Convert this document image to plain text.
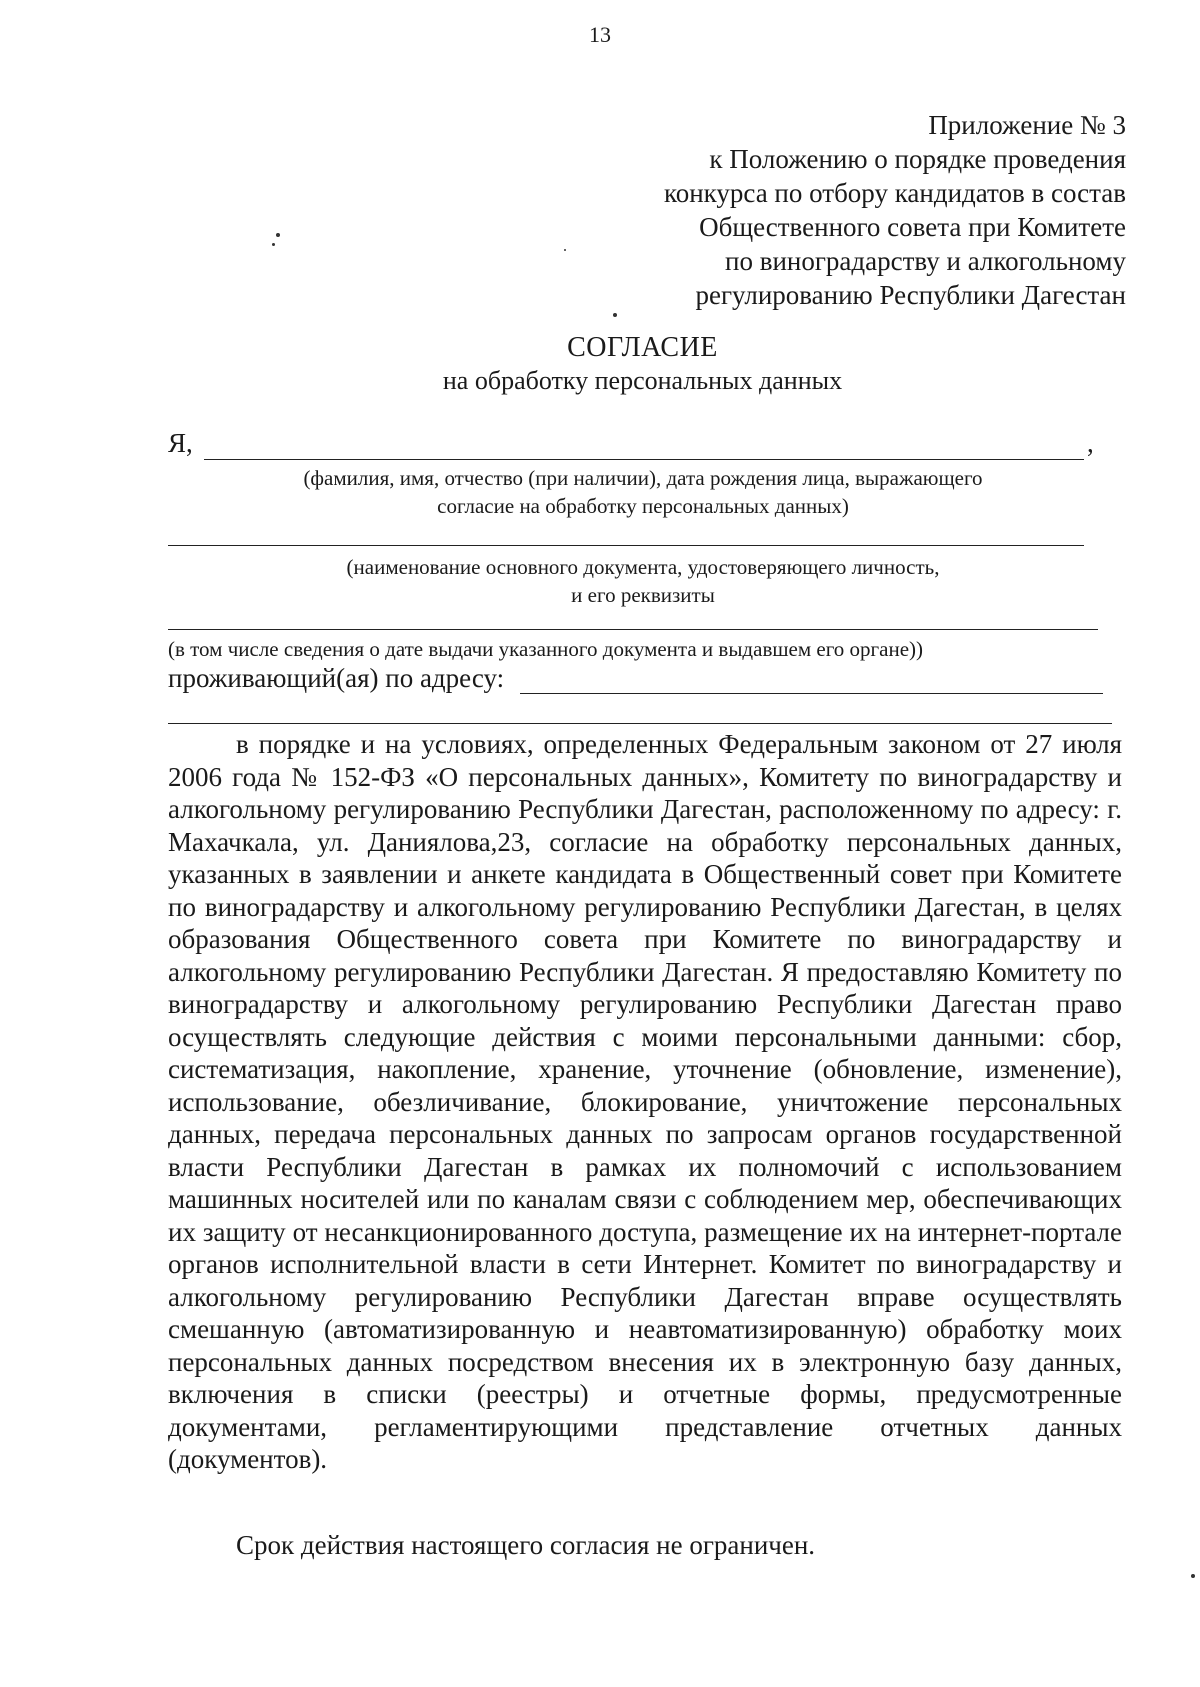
13
Приложение № 3
к Положению о порядке проведения
конкурса по отбору кандидатов в состав
Общественного совета при Комитете
по виноградарству и алкогольному
регулированию Республики Дагестан
СОГЛАСИЕ
на обработку персональных данных
Я,	,
(фамилия, имя, отчество (при наличии), дата рождения лица, выражающего
согласие на обработку персональных данных)
(наименование основного документа, удостоверяющего личность,
и его реквизиты
(в том числе сведения о дате выдачи указанного документа и выдавшем его органе))
проживающий(ая) по адресу:

в порядке и на условиях, определенных Федеральным законом от 27 июля 2006 года № 152-ФЗ «О персональных данных», Комитету по виноградарству и алкогольному регулированию Республики Дагестан, расположенному по адресу: г. Махачкала, ул. Даниялова,23, согласие на обработку персональных данных, указанных в заявлении и анкете кандидата в Общественный совет при Комитете по виноградарству и алкогольному регулированию Республики Дагестан, в целях образования Общественного совета при Комитете по виноградарству и алкогольному регулированию Республики Дагестан. Я предоставляю Комитету по виноградарству и алкогольному регулированию Республики Дагестан право осуществлять следующие действия с моими персональными данными: сбор, систематизация, накопление, хранение, уточнение (обновление, изменение), использование, обезличивание, блокирование, уничтожение персональных данных, передача персональных данных по запросам органов государственной власти Республики Дагестан в рамках их полномочий с использованием машинных носителей или по каналам связи с соблюдением мер, обеспечивающих их защиту от несанкционированного доступа, размещение их на интернет-портале органов исполнительной власти в сети Интернет. Комитет по виноградарству и алкогольному регулированию Республики Дагестан вправе осуществлять смешанную (автоматизированную и неавтоматизированную) обработку моих персональных данных посредством внесения их в электронную базу данных, включения в списки (реестры) и отчетные формы, предусмотренные документами, регламентирующими представление отчетных данных (документов).

Срок действия настоящего согласия не ограничен.
